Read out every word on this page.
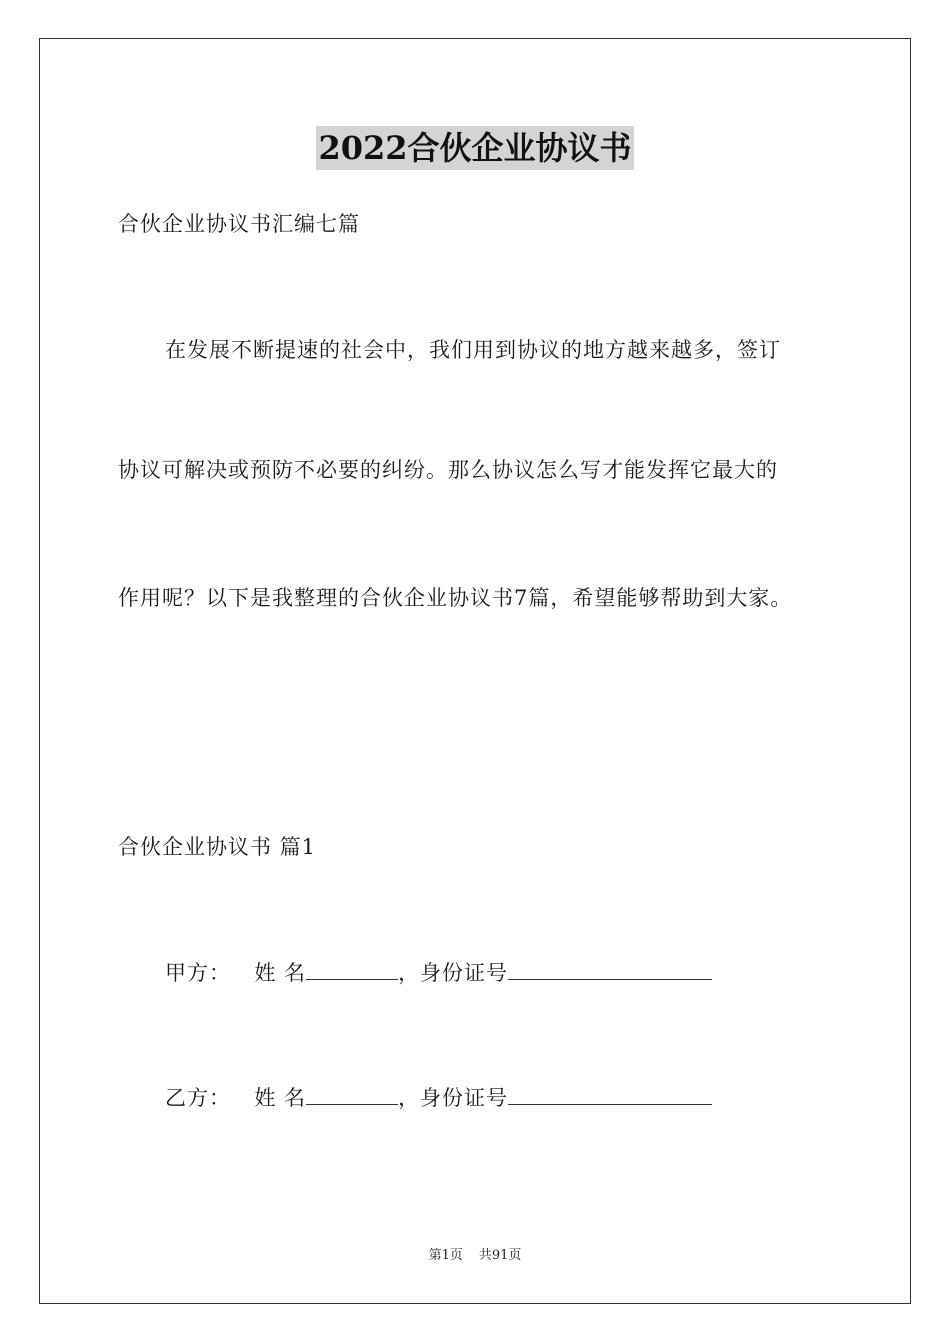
2022合伙企业协议书
合伙企业协议书汇编七篇
在发展不断提速的社会中，我们用到协议的地方越来越多，签订
协议可解决或预防不必要的纠纷。那么协议怎么写才能发挥它最大的
作用呢？以下是我整理的合伙企业协议书7篇，希望能够帮助到大家。
合伙企业协议书 篇1
甲方： 姓 名	，身份证号
乙方： 姓 名	，身份证号
第1页 共91页
